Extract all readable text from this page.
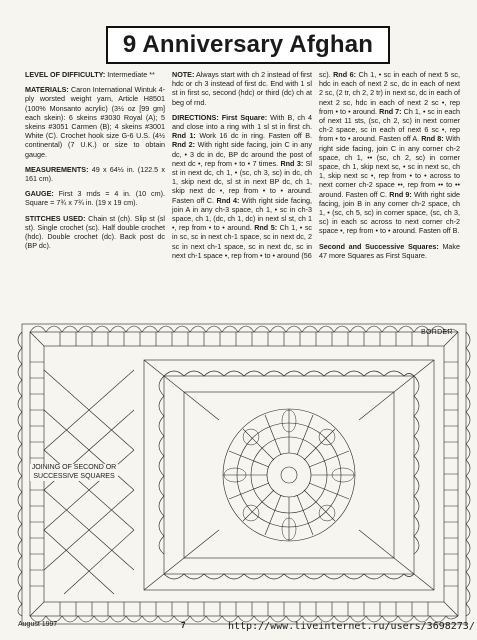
9 Anniversary Afghan

LEVEL OF DIFFICULTY: Intermediate **

MATERIALS: Caron International Wintuk 4-ply worsted weight yarn, Article H8501 (100% Monsanto acrylic) (3½ oz [99 gm] each skein): 6 skeins #3030 Royal (A); 5 skeins #3051 Carmen (B); 4 skeins #3001 White (C). Crochet hook size G-6 U.S. (4½ continental) (7 U.K.) or size to obtain gauge.

MEASUREMENTS: 49 x 64½ in. (122.5 x 161 cm).

GAUGE: First 3 rnds = 4 in. (10 cm). Square = 7¾ x 7¾ in. (19 x 19 cm).

STITCHES USED: Chain st (ch). Slip st (sl st). Single crochet (sc). Half double crochet (hdc). Double crochet (dc). Back post dc (BP dc).

NOTE: Always start with ch 2 instead of first hdc or ch 3 instead of first dc. End with 1 sl st in first sc, second (hdc) or third (dc) ch at beg of rnd.

DIRECTIONS: First Square: With B, ch 4 and close into a ring with 1 sl st in first ch. Rnd 1: Work 16 dc in ring. Fasten off B. Rnd 2: With right side facing, join C in any dc, • 3 dc in dc, BP dc around the post of next dc •, rep from • to • 7 times. Rnd 3: Sl st in next dc, ch 1, • (sc, ch 3, sc) in dc, ch 1, skip next dc, sl st in next BP dc, ch 1, skip next dc •, rep from • to • around. Fasten off C. Rnd 4: With right side facing, join A in any ch-3 space, ch 1, • sc in ch-3 space, ch 1, (dc, ch 1, dc) in next sl st, ch 1 •, rep from • to • around. Rnd 5: Ch 1, • sc in sc, sc in next ch-1 space, sc in next dc, 2 sc in next ch-1 space, sc in next dc, sc in next ch-1 space •, rep from • to • around (56

sc). Rnd 6: Ch 1, • sc in each of next 5 sc, hdc in each of next 2 sc, dc in each of next 2 sc, (2 tr, ch 2, 2 tr) in next sc, dc in each of next 2 sc, hdc in each of next 2 sc •, rep from • to • around. Rnd 7: Ch 1, • sc in each of next 11 sts, (sc, ch 2, sc) in next corner ch-2 space, sc in each of next 6 sc •, rep from • to • around. Fasten off A. Rnd 8: With right side facing, join C in any corner ch-2 space, ch 1, •• (sc, ch 2, sc) in corner space, ch 1, skip next sc, • sc in next sc, ch 1, skip next sc •, rep from • to • across to next corner ch-2 space ••, rep from •• to •• around. Fasten off C. Rnd 9: With right side facing, join B in any corner ch-2 space, ch 1, • (sc, ch 5, sc) in corner space, (sc, ch 3, sc) in each sc across to next corner ch-2 space •, rep from • to • around. Fasten off B.

Second and Successive Squares: Make 47 more Squares as First Square.

BORDER
JOINING OF SECOND OR SUCCESSIVE SQUARES
August 1997	7	http://www.liveinternet.ru/users/3698273/
